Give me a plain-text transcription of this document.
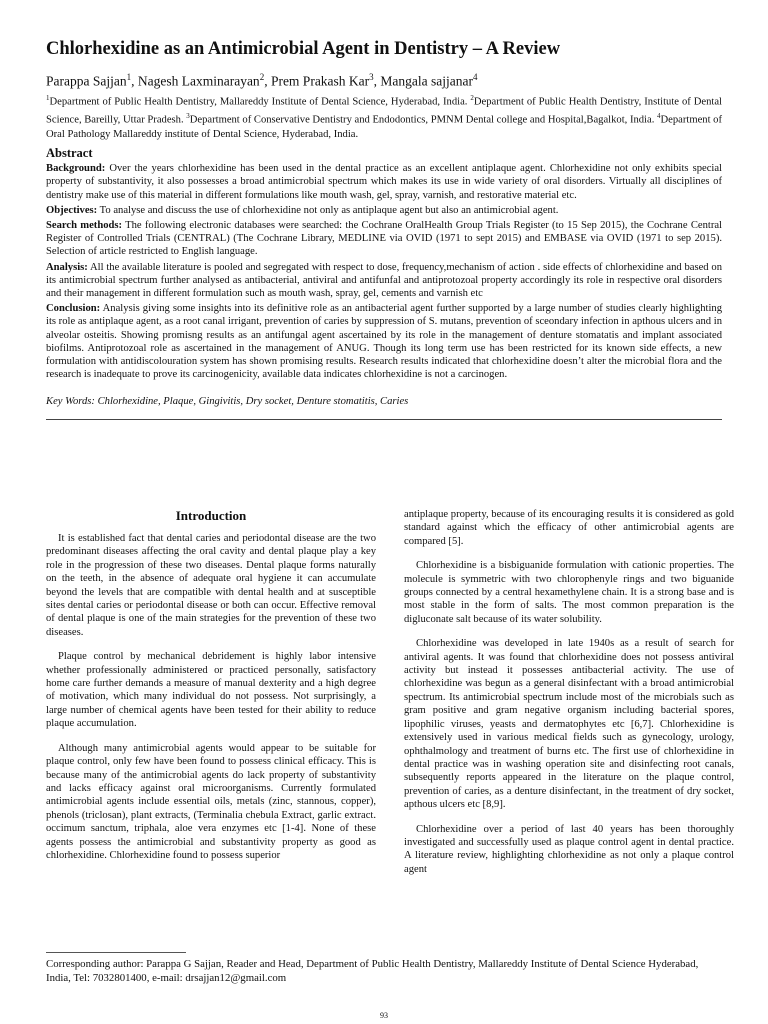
Chlorhexidine as an Antimicrobial Agent in Dentistry – A Review

Parappa Sajjan$^1$, Nagesh Laxminarayan$^2$, Prem Prakash Kar$^3$, Mangala sajjanar$^4$

$^1$Department of Public Health Dentistry, Mallareddy Institute of Dental Science, Hyderabad, India. $^2$Department of Public Health Dentistry, Institute of Dental Science, Bareilly, Uttar Pradesh. $^3$Department of Conservative Dentistry and Endodontics, PMNM Dental college and Hospital,Bagalkot, India. $^4$Department of Oral Pathology Mallareddy institute of Dental Science, Hyderabad, India.

Abstract

Background: Over the years chlorhexidine has been used in the dental practice as an excellent antiplaque agent. Chlorhexidine not only exhibits special property of substantivity, it also possesses a broad antimicrobial spectrum which makes its use in wide variety of oral disorders. Virtually all disciplines of dentistry make use of this material in different formulations like mouth wash, gel, spray, varnish, and restorative material etc.

Objectives: To analyse and discuss the use of chlorhexidine not only as antiplaque agent but also an antimicrobial agent.

Search methods: The following electronic databases were searched: the Cochrane OralHealth Group Trials Register (to 15 Sep 2015), the Cochrane Central Register of Controlled Trials (CENTRAL) (The Cochrane Library, MEDLINE via OVID (1971 to sept 2015) and EMBASE via OVID (1971 to sep 2015). Selection of article restricted to English language.

Analysis: All the available literature is pooled and segregated with respect to dose, frequency,mechanism of action . side effects of chlorhexidine and based on its antimicrobial spectrum further analysed as antibacterial, antiviral and antifunfal and antiprotozoal property accordingly its role in respective oral disorders and their management in different formulation such as mouth wash, spray, gel, cements and varnish etc

Conclusion: Analysis giving some insights into its definitive role as an antibacterial agent further supported by a large number of studies clearly highlighting its role as antiplaque agent, as a root canal irrigant, prevention of caries by suppression of S. mutans, prevention of sceondary infection in apthous ulcers and in alveolar osteitis. Showing promisng results as an antifungal agent ascertained by its role in the management of denture stomatatis and implant associated biofilms. Antiprotozoal role as ascertained in the management of ANUG. Though its long term use has been restricted for its known side effects, a new formulation with antidiscolouration system has shown promising results. Research results indicated that chlorhexidine doesn’t alter the microbial flora and the research is inadequate to prove its carcinogenicity, available data indicates chlorhexidine is not a carcinogen.

Key Words: Chlorhexidine, Plaque, Gingivitis, Dry socket, Denture stomatitis, Caries

Introduction

It is established fact that dental caries and periodontal disease are the two predominant diseases affecting the oral cavity and dental plaque play a key role in the progression of these two diseases. Dental plaque forms naturally on the teeth, in the absence of adequate oral hygiene it can accumulate beyond the levels that are compatible with dental health and at susceptible sites dental caries or periodontal disease or both can occur. Effective removal of dental plaque is one of the main strategies for the prevention of these two diseases.

Plaque control by mechanical debridement is highly labor intensive whether professionally administered or practiced personally, satisfactory home care further demands a measure of manual dexterity and a high degree of motivation, which many individual do not possess. Not surprisingly, a large number of chemical agents have been tested for their ability to reduce plaque accumulation.

Although many antimicrobial agents would appear to be suitable for plaque control, only few have been found to possess clinical efficacy. This is because many of the antimicrobial agents do lack property of substantivity and lacks efficacy against oral microorganisms. Currently formulated antimicrobial agents include essential oils, metals (zinc, stannous, copper), phenols (triclosan), plant extracts, (Terminalia chebula Extract, garlic extract. occimum sanctum, triphala, aloe vera enzymes etc [1-4]. None of these agents possess the antimicrobial and substantivity property as good as chlorhexidine. Chlorhexidine found to possess superior

antiplaque property, because of its encouraging results it is considered as gold standard against which the efficacy of other antimicrobial agents are compared [5].

Chlorhexidine is a bisbiguanide formulation with cationic properties. The molecule is symmetric with two chlorophenyle rings and two biguanide groups connected by a central hexamethylene chain. It is a strong base and is most stable in the form of salts. The most common preparation is the digluconate salt because of its water solubility.

Chlorhexidine was developed in late 1940s as a result of search for antiviral agents. It was found that chlorhexidine does not possess antiviral activity but instead it possesses antibacterial activity. The use of chlorhexidine was begun as a general disinfectant with a broad antimicrobial spectrum. Its antimicrobial spectrum include most of the microbials such as gram positive and gram negative organism including bacterial spores, lipophilic viruses, yeasts and dermatophytes etc [6,7]. Chlorhexidine is extensively used in various medical fields such as gynecology, urology, ophthalmology and treatment of burns etc. The first use of chlorhexidine in dental practice was in washing operation site and disinfecting root canals, subsequently reports appeared in the literature on the plaque control, prevention of caries, as a denture disinfectant, in the treatment of dry socket, apthous ulcers etc [8,9].

Chlorhexidine over a period of last 40 years has been thoroughly investigated and successfully used as plaque control agent in dental practice. A literature review, highlighting chlorhexidine as not only a plaque control agent

Corresponding author: Parappa G Sajjan, Reader and Head, Department of Public Health Dentistry, Mallareddy Institute of Dental Science Hyderabad, India, Tel: 7032801400, e-mail: drsajjan12@gmail.com

93
